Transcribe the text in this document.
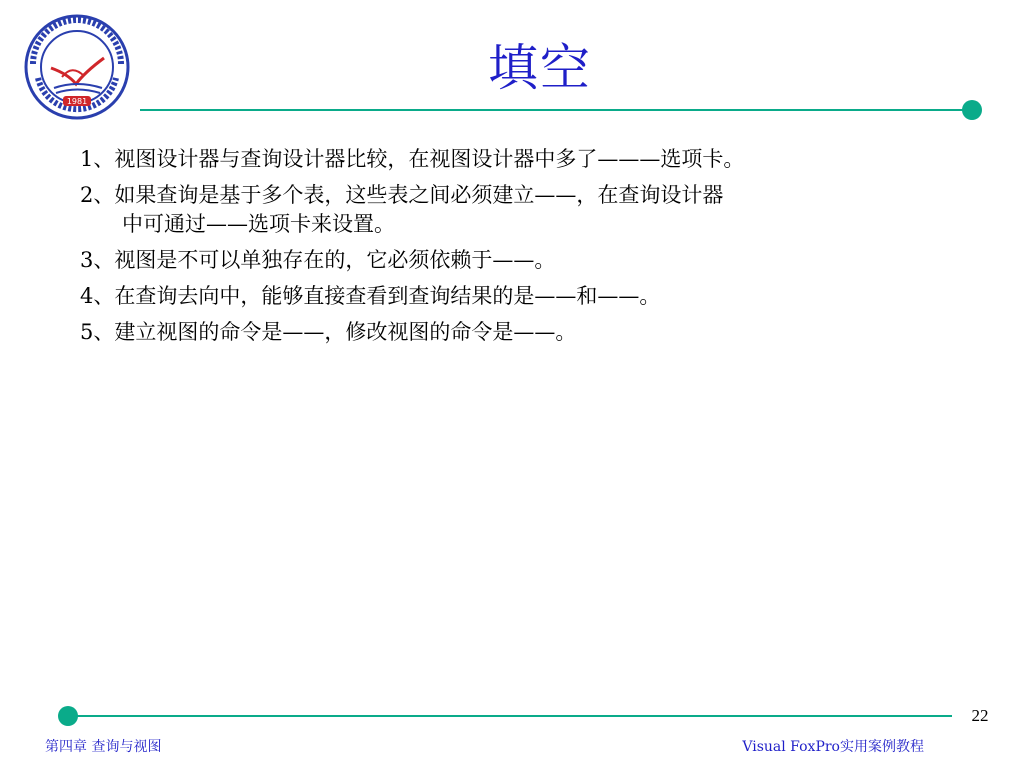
1981
填空
1、视图设计器与查询设计器比较，在视图设计器中多了———选项卡。
2、如果查询是基于多个表，这些表之间必须建立——，在查询设计器
中可通过——选项卡来设置。
3、视图是不可以单独存在的，它必须依赖于——。
4、在查询去向中，能够直接查看到查询结果的是——和——。
5、建立视图的命令是——，修改视图的命令是——。
22
第四章 查询与视图	Visual FoxPro实用案例教程
